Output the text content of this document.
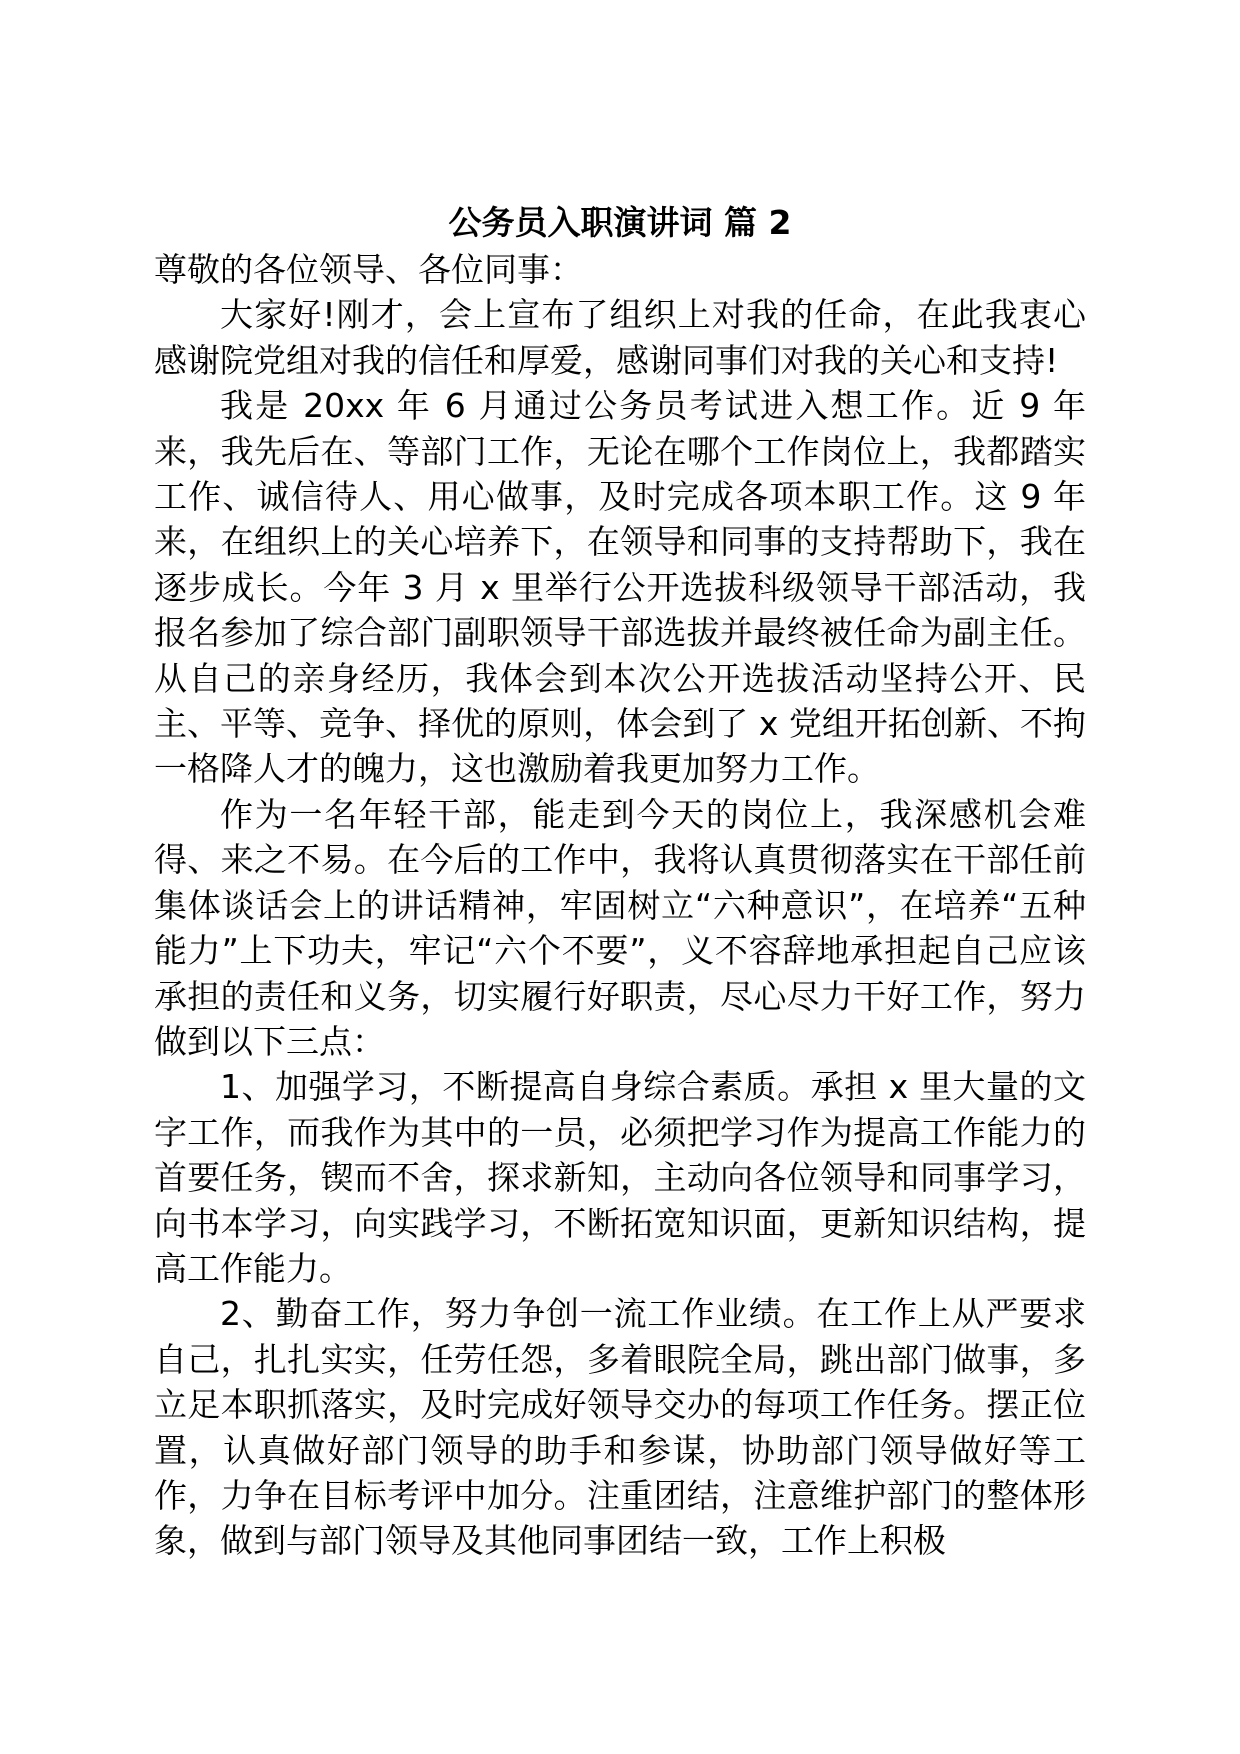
公务员入职演讲词 篇 2

尊敬的各位领导、各位同事：

大家好!刚才，会上宣布了组织上对我的任命，在此我衷心感谢院党组对我的信任和厚爱，感谢同事们对我的关心和支持!

我是 20xx 年 6 月通过公务员考试进入想工作。近 9 年来，我先后在、等部门工作，无论在哪个工作岗位上，我都踏实工作、诚信待人、用心做事，及时完成各项本职工作。这 9 年来，在组织上的关心培养下，在领导和同事的支持帮助下，我在逐步成长。今年 3 月 x 里举行公开选拔科级领导干部活动，我报名参加了综合部门副职领导干部选拔并最终被任命为副主任。从自己的亲身经历，我体会到本次公开选拔活动坚持公开、民主、平等、竞争、择优的原则，体会到了 x 党组开拓创新、不拘一格降人才的魄力，这也激励着我更加努力工作。

作为一名年轻干部，能走到今天的岗位上，我深感机会难得、来之不易。在今后的工作中，我将认真贯彻落实在干部任前集体谈话会上的讲话精神，牢固树立“六种意识”，在培养“五种能力”上下功夫，牢记“六个不要”，义不容辞地承担起自己应该承担的责任和义务，切实履行好职责，尽心尽力干好工作，努力做到以下三点：

1、加强学习，不断提高自身综合素质。承担 x 里大量的文字工作，而我作为其中的一员，必须把学习作为提高工作能力的首要任务，锲而不舍，探求新知，主动向各位领导和同事学习，向书本学习，向实践学习，不断拓宽知识面，更新知识结构，提高工作能力。

2、勤奋工作，努力争创一流工作业绩。在工作上从严要求自己，扎扎实实，任劳任怨，多着眼院全局，跳出部门做事，多立足本职抓落实，及时完成好领导交办的每项工作任务。摆正位置，认真做好部门领导的助手和参谋，协助部门领导做好等工作，力争在目标考评中加分。注重团结，注意维护部门的整体形象，做到与部门领导及其他同事团结一致，工作上积极
